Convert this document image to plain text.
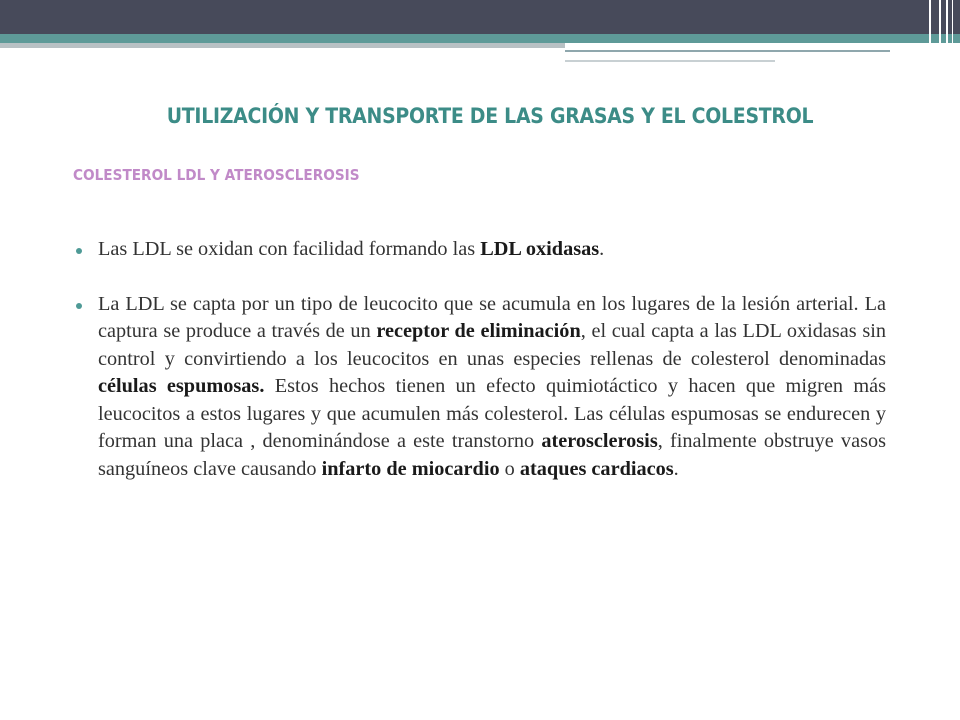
UTILIZACIÓN Y TRANSPORTE DE LAS GRASAS Y EL COLESTROL
COLESTEROL LDL Y ATEROSCLEROSIS
Las LDL se oxidan con facilidad formando las LDL oxidasas.
La LDL se capta por un tipo de leucocito que se acumula en los lugares de la lesión arterial. La captura se produce a través de un receptor de eliminación, el cual capta a las LDL oxidasas sin control y convirtiendo a los leucocitos en unas especies rellenas de colesterol denominadas células espumosas. Estos hechos tienen un efecto quimiotáctico y hacen que migren más leucocitos a estos lugares y que acumulen más colesterol. Las células espumosas se endurecen y forman una placa , denominándose a este transtorno aterosclerosis, finalmente obstruye vasos sanguíneos clave causando infarto de miocardio o ataques cardiacos.
